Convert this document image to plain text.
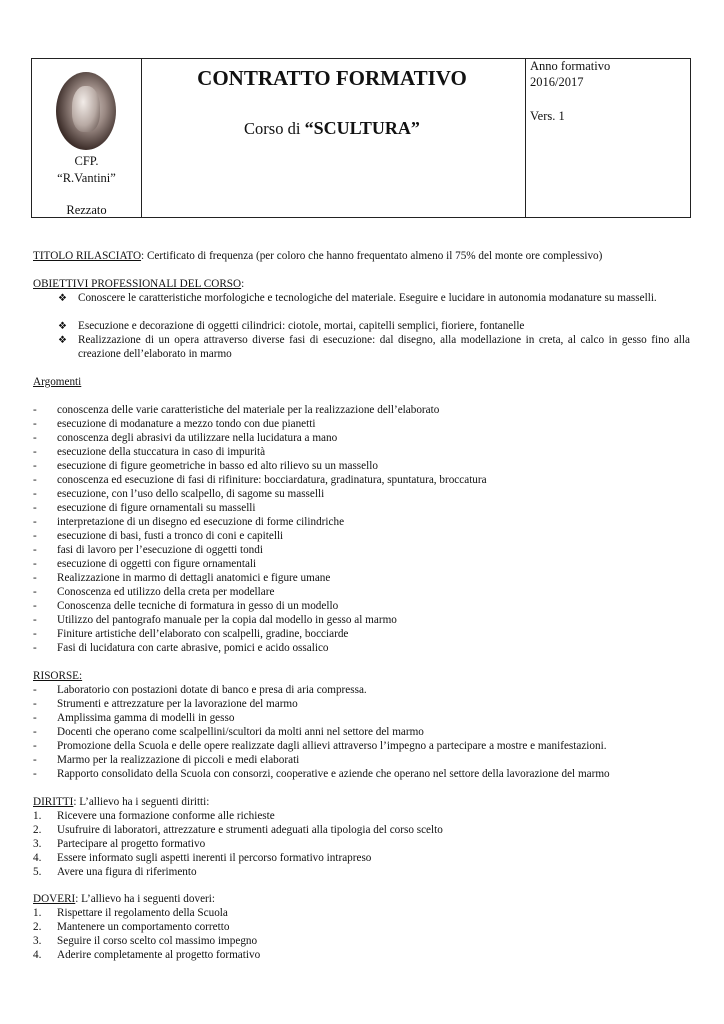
CFP.
“R.Vantini”
Rezzato
CONTRATTO FORMATIVO
Corso di “SCULTURA”
Anno formativo
2016/2017
Vers. 1
TITOLO RILASCIATO: Certificato di frequenza (per coloro che hanno frequentato almeno il 75% del monte ore complessivo)
OBIETTIVI PROFESSIONALI DEL CORSO:
❖ Conoscere le caratteristiche morfologiche e tecnologiche del materiale. Eseguire e lucidare in autonomia modanature su masselli.
❖ Esecuzione e decorazione di oggetti cilindrici: ciotole, mortai, capitelli semplici, fioriere, fontanelle
❖ Realizzazione di un opera attraverso diverse fasi di esecuzione: dal disegno, alla modellazione in creta, al calco in gesso fino alla creazione dell’elaborato in marmo
Argomenti
- conoscenza delle varie caratteristiche del materiale per la realizzazione dell’elaborato
- esecuzione di modanature a mezzo tondo con due pianetti
- conoscenza degli abrasivi da utilizzare nella lucidatura a mano
- esecuzione della stuccatura in caso di impurità
- esecuzione di figure geometriche in basso ed alto rilievo su un massello
- conoscenza ed esecuzione di fasi di rifiniture: bocciardatura, gradinatura, spuntatura, broccatura
- esecuzione, con l’uso dello scalpello, di sagome su masselli
- esecuzione di figure ornamentali su masselli
- interpretazione di un disegno ed esecuzione di forme cilindriche
- esecuzione di basi, fusti a tronco di coni e capitelli
- fasi di lavoro per l’esecuzione di oggetti tondi
- esecuzione di oggetti con figure ornamentali
- Realizzazione in marmo di dettagli anatomici e figure umane
- Conoscenza ed utilizzo della creta per modellare
- Conoscenza delle tecniche di formatura in gesso di un modello
- Utilizzo del pantografo manuale per la copia dal modello in gesso al marmo
- Finiture artistiche dell’elaborato con scalpelli, gradine, bocciarde
- Fasi di lucidatura con carte abrasive, pomici e acido ossalico
RISORSE:
- Laboratorio con postazioni dotate di banco e presa di aria compressa.
- Strumenti e attrezzature per la lavorazione del marmo
- Amplissima gamma di modelli in gesso
- Docenti che operano come scalpellini/scultori da molti anni nel settore del marmo
- Promozione della Scuola e delle opere realizzate dagli allievi attraverso l’impegno a partecipare a mostre e manifestazioni.
- Marmo per la realizzazione di piccoli e medi elaborati
- Rapporto consolidato della Scuola con consorzi, cooperative e aziende che operano nel settore della lavorazione del marmo
DIRITTI: L’allievo ha i seguenti diritti:
1. Ricevere una formazione conforme alle richieste
2. Usufruire di laboratori, attrezzature e strumenti adeguati alla tipologia del corso scelto
3. Partecipare al progetto formativo
4. Essere informato sugli aspetti inerenti il percorso formativo intrapreso
5. Avere una figura di riferimento
DOVERI: L’allievo ha i seguenti doveri:
1. Rispettare il regolamento della Scuola
2. Mantenere un comportamento corretto
3. Seguire il corso scelto col massimo impegno
4. Aderire completamente al progetto formativo
